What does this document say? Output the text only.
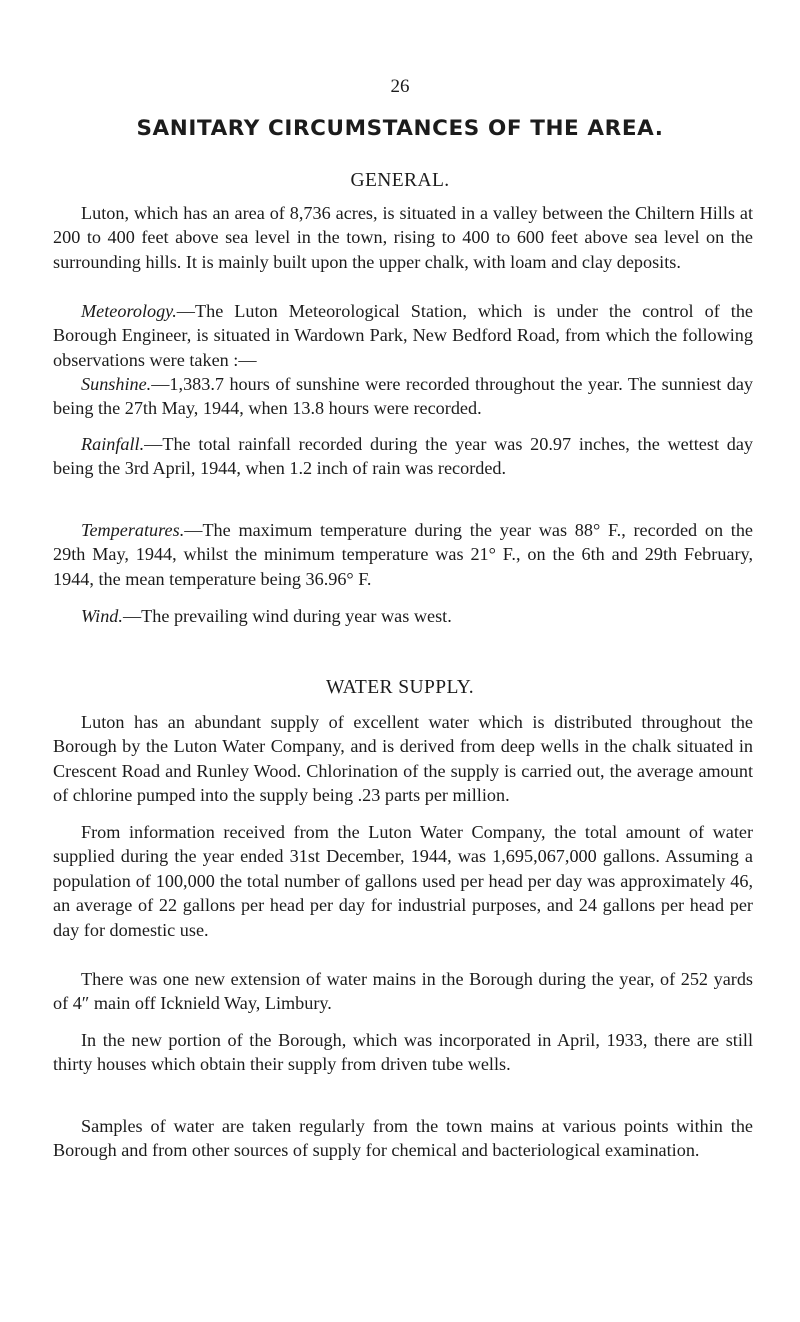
26
SANITARY CIRCUMSTANCES OF THE AREA.
GENERAL.

Luton, which has an area of 8,736 acres, is situated in a valley between the Chiltern Hills at 200 to 400 feet above sea level in the town, rising to 400 to 600 feet above sea level on the surrounding hills. It is mainly built upon the upper chalk, with loam and clay deposits.

Meteorology.—The Luton Meteorological Station, which is under the control of the Borough Engineer, is situated in Wardown Park, New Bedford Road, from which the following observations were taken :—

Sunshine.—1,383.7 hours of sunshine were recorded throughout the year. The sunniest day being the 27th May, 1944, when 13.8 hours were recorded.

Rainfall.—The total rainfall recorded during the year was 20.97 inches, the wettest day being the 3rd April, 1944, when 1.2 inch of rain was recorded.

Temperatures.—The maximum temperature during the year was 88° F., recorded on the 29th May, 1944, whilst the minimum temperature was 21° F., on the 6th and 29th February, 1944, the mean temperature being 36.96° F.

Wind.—The prevailing wind during year was west.

WATER SUPPLY.

Luton has an abundant supply of excellent water which is distributed throughout the Borough by the Luton Water Company, and is derived from deep wells in the chalk situated in Crescent Road and Runley Wood. Chlorination of the supply is carried out, the average amount of chlorine pumped into the supply being .23 parts per million.

From information received from the Luton Water Company, the total amount of water supplied during the year ended 31st December, 1944, was 1,695,067,000 gallons. Assuming a population of 100,000 the total number of gallons used per head per day was approximately 46, an average of 22 gallons per head per day for industrial purposes, and 24 gallons per head per day for domestic use.

There was one new extension of water mains in the Borough during the year, of 252 yards of 4″ main off Icknield Way, Limbury.

In the new portion of the Borough, which was incorporated in April, 1933, there are still thirty houses which obtain their supply from driven tube wells.

Samples of water are taken regularly from the town mains at various points within the Borough and from other sources of supply for chemical and bacteriological examination.
